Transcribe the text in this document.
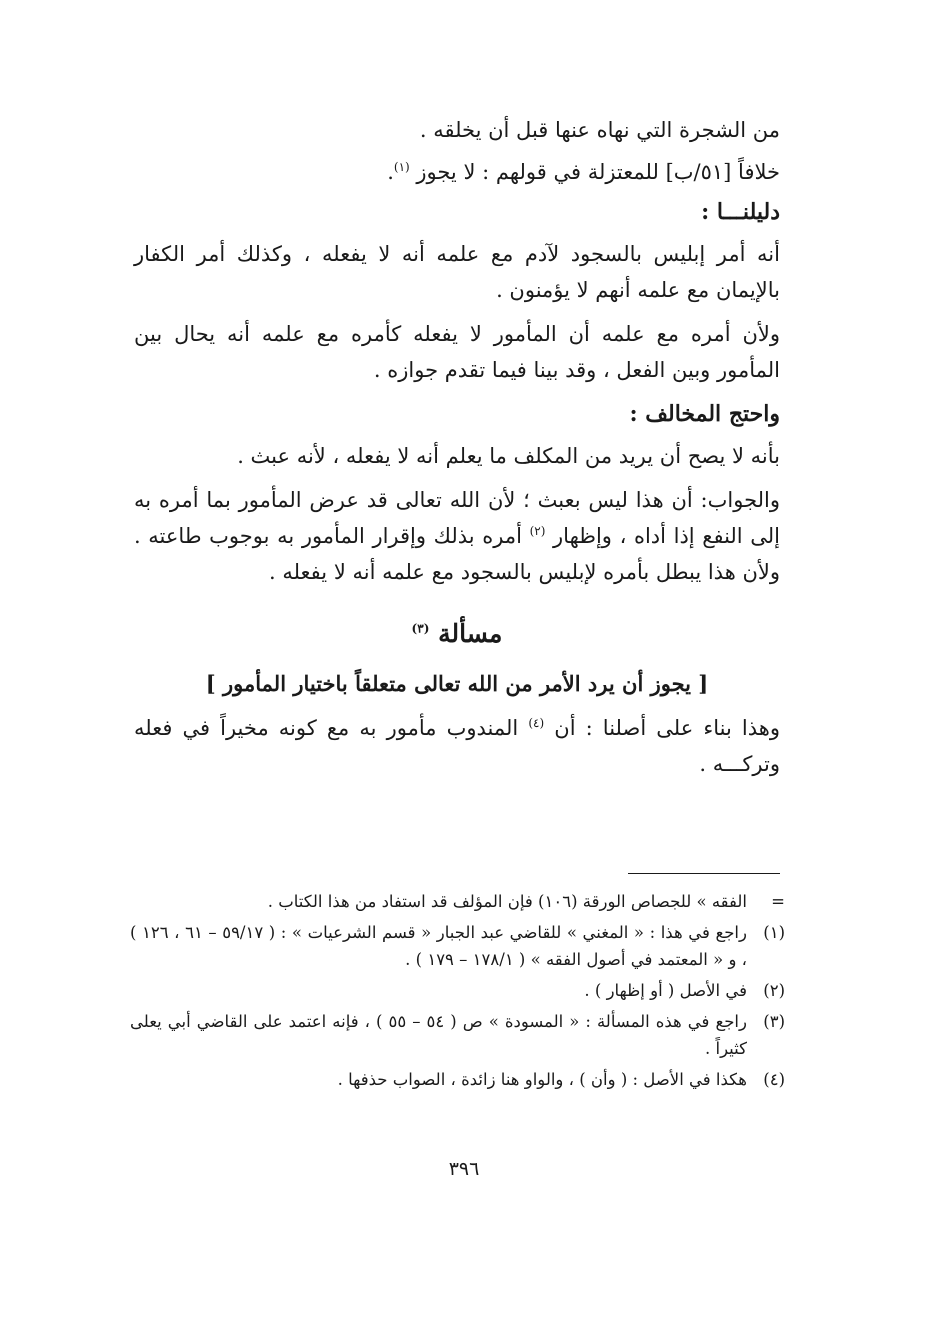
من الشجرة التي نهاه عنها قبل أن يخلقه .

خلافاً [٥١/ب] للمعتزلة في قولهم : لا يجوز $^{(١)}$.

دليلنـــا :

أنه أمر إبليس بالسجود لآدم مع علمه أنه لا يفعله ، وكذلك أمر الكفار بالإيمان مع علمه أنهم لا يؤمنون .

ولأن أمره مع علمه أن المأمور لا يفعله كأمره مع علمه أنه يحال بين المأمور وبين الفعل ، وقد بينا فيما تقدم جوازه .

واحتج المخالف :

بأنه لا يصح أن يريد من المكلف ما يعلم أنه لا يفعله ، لأنه عبث .

والجواب: أن هذا ليس بعبث ؛ لأن الله تعالى قد عرض المأمور بما أمره به إلى النفع إذا أداه ، وإظهار $^{(٢)}$ أمره بذلك وإقرار المأمور به بوجوب طاعته . ولأن هذا يبطل بأمره لإبليس بالسجود مع علمه أنه لا يفعله .

مسألة $^{(٣)}$

[ يجوز أن يرد الأمر من الله تعالى متعلقاً باختيار المأمور ]

وهذا بناء على أصلنا : أن $^{(٤)}$ المندوب مأمور به مع كونه مخيراً في فعله وتركـــه .

=
الفقه » للجصاص الورقة (١٠٦) فإن المؤلف قد استفاد من هذا الكتاب .
(١)
راجع في هذا : « المغني » للقاضي عبد الجبار « قسم الشرعيات » : ( ٥٩/١٧ – ٦١ ، ١٢٦ ) ، و « المعتمد في أصول الفقه » ( ١٧٨/١ – ١٧٩ ) .
(٢)
في الأصل ( أو إظهار ) .
(٣)
راجع في هذه المسألة : « المسودة » ص ( ٥٤ – ٥٥ ) ، فإنه اعتمد على القاضي أبي يعلى كثيراً .
(٤)
هكذا في الأصل : ( وأن ) ، والواو هنا زائدة ، الصواب حذفها .
٣٩٦
